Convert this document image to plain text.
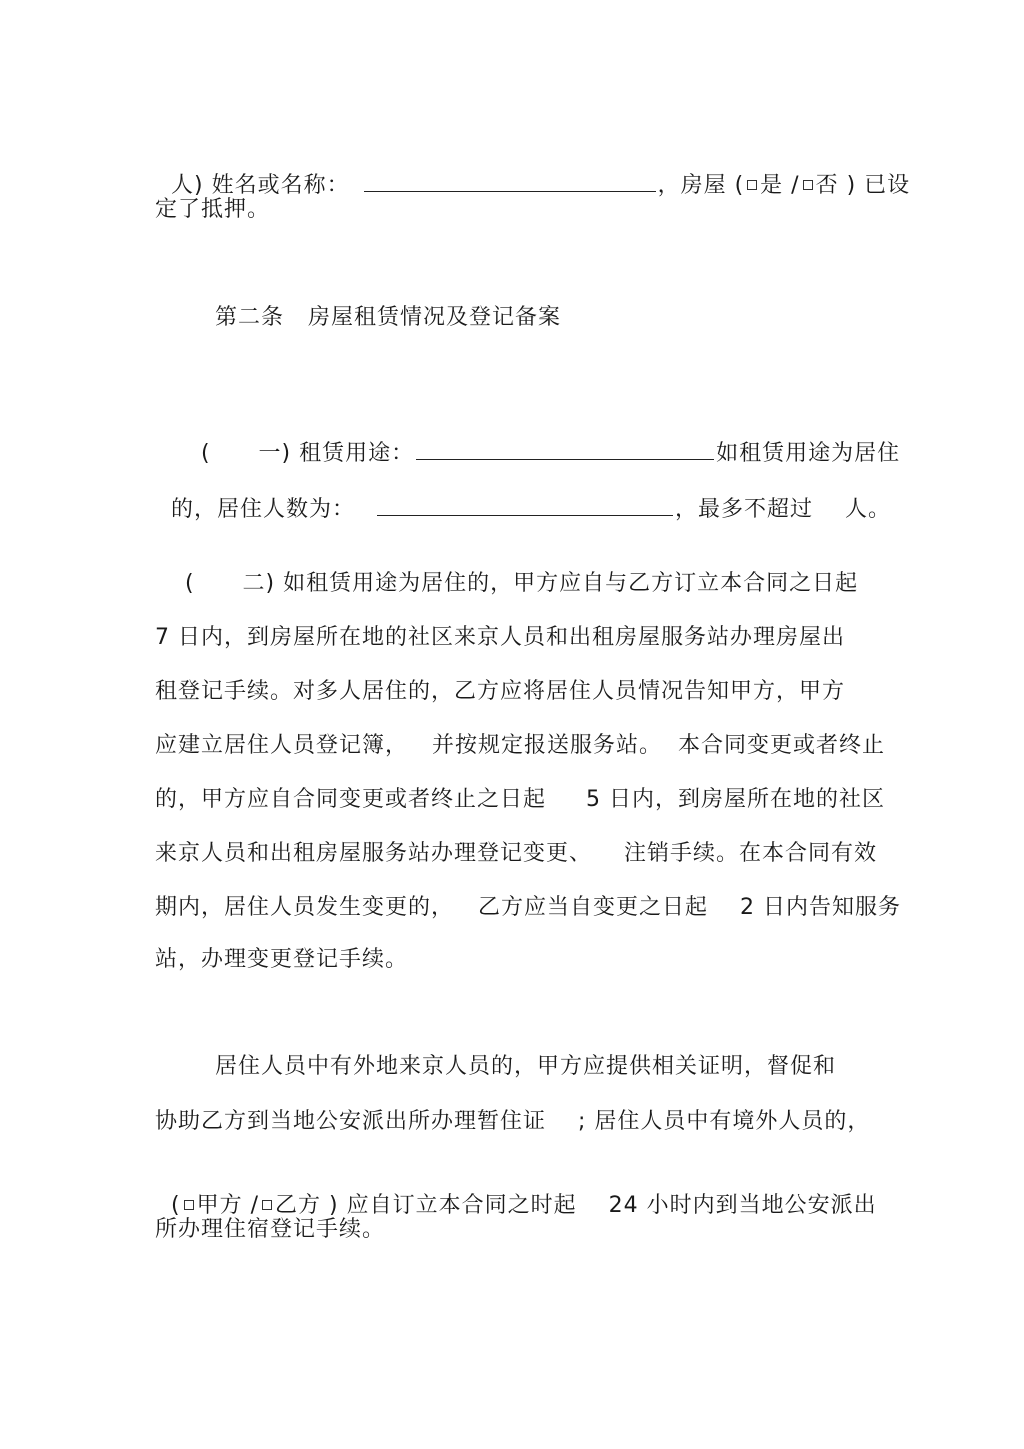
人) 姓名或名称：	，房屋 ( 是 / 否 ) 已设

定了抵押。
第二条   房屋租赁情况及登记备案

(      一) 租赁用途：	如租赁用途为居住

的，居住人数为：	，最多不超过    人。

(      二) 如租赁用途为居住的，甲方应自与乙方订立本合同之日起
7 日内，到房屋所在地的社区来京人员和出租房屋服务站办理房屋出
租登记手续。对多人居住的，乙方应将居住人员情况告知甲方，甲方
应建立居住人员登记簿，   并按规定报送服务站。  本合同变更或者终止
的，甲方应自合同变更或者终止之日起     5 日内，到房屋所在地的社区
来京人员和出租房屋服务站办理登记变更、    注销手续。在本合同有效
期内，居住人员发生变更的，   乙方应当自变更之日起    2 日内告知服务
站，办理变更登记手续。
居住人员中有外地来京人员的，甲方应提供相关证明，督促和
协助乙方到当地公安派出所办理暂住证    ; 居住人员中有境外人员的，

( 甲方 / 乙方 ) 应自订立本合同之时起    24 小时内到当地公安派出

所办理住宿登记手续。
